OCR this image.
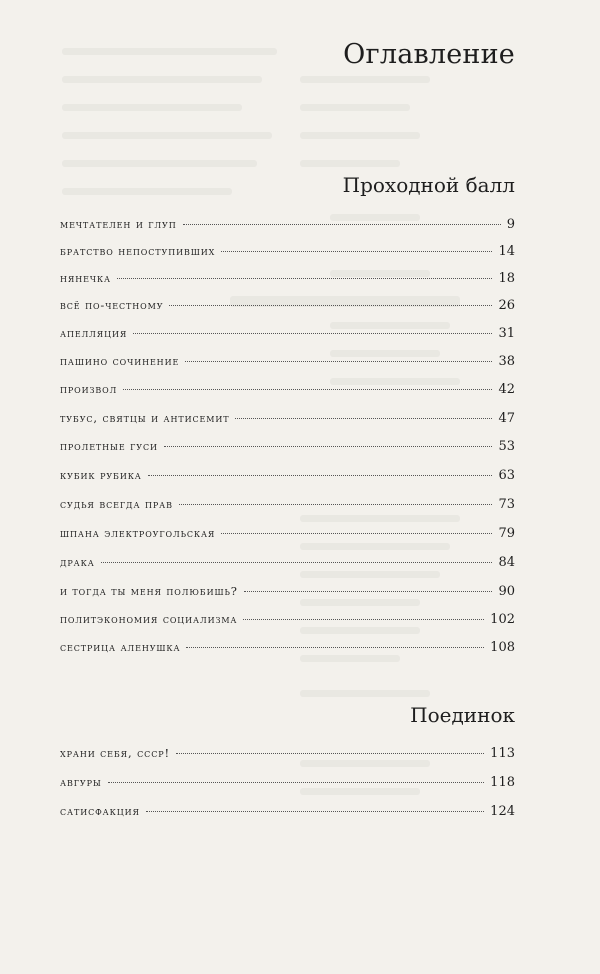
Оглавление
Проходной балл
мечтателен и глуп	9
братство непоступивших	14
нянечка	18
всё по-честному	26
апелляция	31
пашино сочинение	38
произвол	42
тубус, святцы и антисемит	47
пролетные гуси	53
кубик рубика	63
судья всегда прав	73
шпана электроугольская	79
драка	84
и тогда ты меня полюбишь?	90
политэкономия социализма	102
сестрица аленушка	108
Поединок
храни себя, ссср!	113
авгуры	118
сатисфакция	124
